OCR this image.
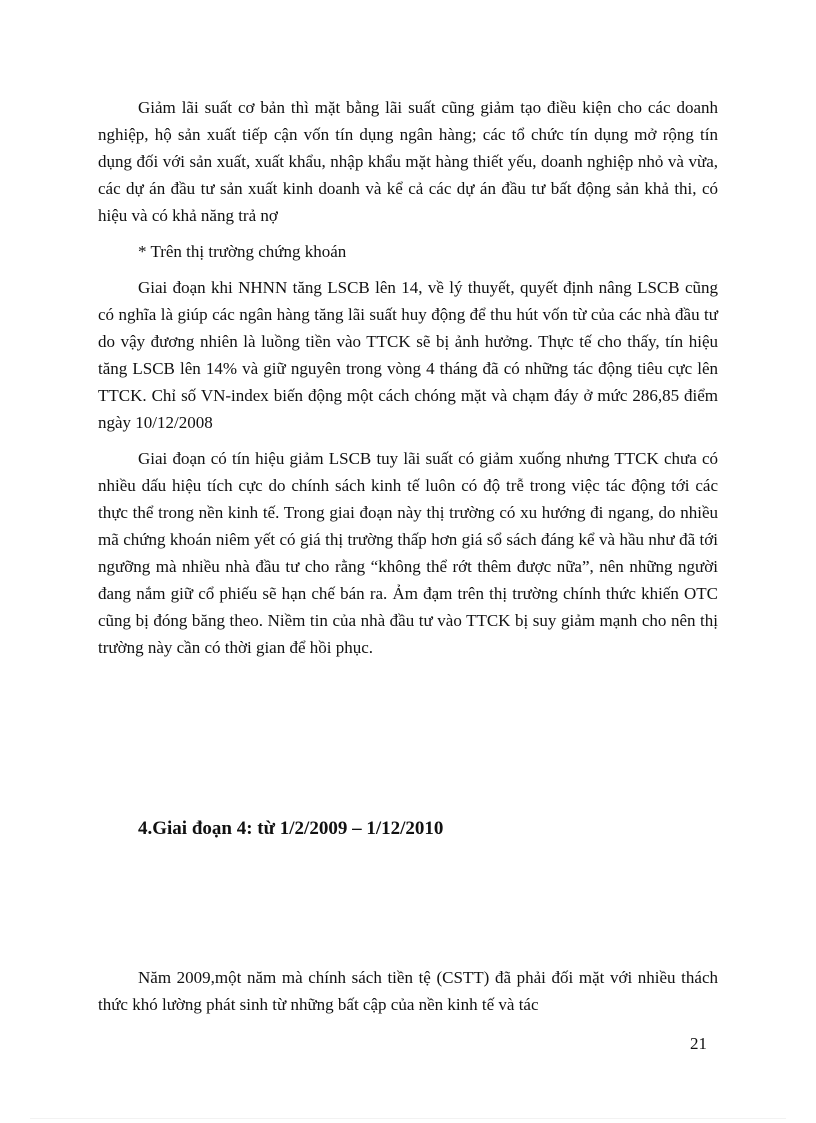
Giảm lãi suất cơ bản thì mặt bằng lãi suất cũng giảm tạo điều kiện cho các doanh nghiệp, hộ sản xuất tiếp cận vốn tín dụng ngân hàng; các tổ chức tín dụng mở rộng tín dụng đối với sản xuất, xuất khẩu, nhập khẩu mặt hàng thiết yếu, doanh nghiệp nhỏ và vừa, các dự án đầu tư sản xuất kinh doanh và kể cả các dự án đầu tư bất động sản khả thi, có hiệu và có khả năng trả nợ

* Trên thị trường chứng khoán

Giai đoạn khi NHNN tăng LSCB lên 14, về lý thuyết, quyết định nâng LSCB cũng có nghĩa là giúp các ngân hàng tăng lãi suất huy động để thu hút vốn từ của các nhà đầu tư do vậy đương nhiên là luồng tiền vào TTCK sẽ bị ảnh hưởng. Thực tế cho thấy, tín hiệu tăng LSCB lên 14% và giữ nguyên trong vòng 4 tháng đã có những tác động tiêu cực lên TTCK. Chỉ số VN-index biến động một cách chóng mặt và chạm đáy ở mức 286,85 điểm ngày 10/12/2008

Giai đoạn có tín hiệu giảm LSCB tuy lãi suất có giảm xuống nhưng TTCK chưa có nhiều dấu hiệu tích cực do chính sách kinh tế luôn có độ trễ trong việc tác động tới các thực thể trong nền kinh tế. Trong giai đoạn này thị trường có xu hướng đi ngang, do nhiều mã chứng khoán niêm yết có giá thị trường thấp hơn giá sổ sách đáng kể và hầu như đã tới ngưỡng mà nhiều nhà đầu tư cho rằng “không thể rớt thêm được nữa”, nên những người đang nắm giữ cổ phiếu sẽ hạn chế bán ra. Ảm đạm trên thị trường chính thức khiến OTC cũng bị đóng băng theo. Niềm tin của nhà đầu tư vào TTCK bị suy giảm mạnh cho nên thị trường này cần có thời gian để hồi phục.

4.Giai đoạn 4: từ 1/2/2009 – 1/12/2010

Năm 2009,một năm mà chính sách tiền tệ (CSTT) đã phải đối mặt với nhiều thách thức khó lường phát sinh từ những bất cập của nền kinh tế và tác

21
